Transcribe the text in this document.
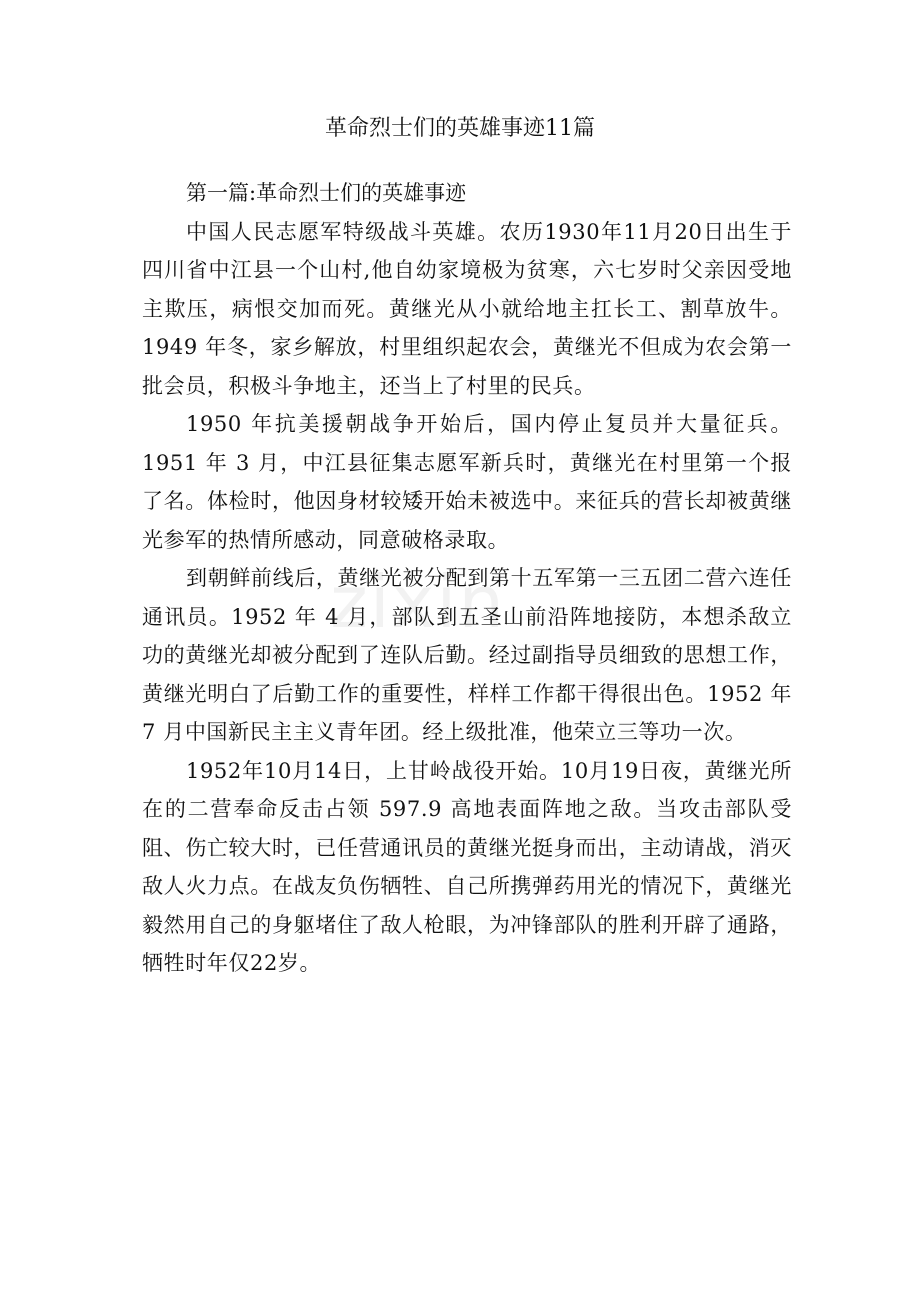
zixin
革命烈士们的英雄事迹11篇

第一篇:革命烈士们的英雄事迹

中国人民志愿军特级战斗英雄。农历1930年11月20日出生于四川省中江县一个山村,他自幼家境极为贫寒，六七岁时父亲因受地主欺压，病恨交加而死。黄继光从小就给地主扛长工、割草放牛。1949 年冬，家乡解放，村里组织起农会，黄继光不但成为农会第一批会员，积极斗争地主，还当上了村里的民兵。

1950 年抗美援朝战争开始后，国内停止复员并大量征兵。1951 年 3 月，中江县征集志愿军新兵时，黄继光在村里第一个报了名。体检时，他因身材较矮开始未被选中。来征兵的营长却被黄继光参军的热情所感动，同意破格录取。

到朝鲜前线后，黄继光被分配到第十五军第一三五团二营六连任通讯员。1952 年 4 月，部队到五圣山前沿阵地接防，本想杀敌立功的黄继光却被分配到了连队后勤。经过副指导员细致的思想工作，黄继光明白了后勤工作的重要性，样样工作都干得很出色。1952 年 7 月中国新民主主义青年团。经上级批准，他荣立三等功一次。

1952年10月14日，上甘岭战役开始。10月19日夜，黄继光所在的二营奉命反击占领 597.9 高地表面阵地之敌。当攻击部队受阻、伤亡较大时，已任营通讯员的黄继光挺身而出，主动请战，消灭敌人火力点。在战友负伤牺牲、自己所携弹药用光的情况下，黄继光毅然用自己的身躯堵住了敌人枪眼，为冲锋部队的胜利开辟了通路，牺牲时年仅22岁。
